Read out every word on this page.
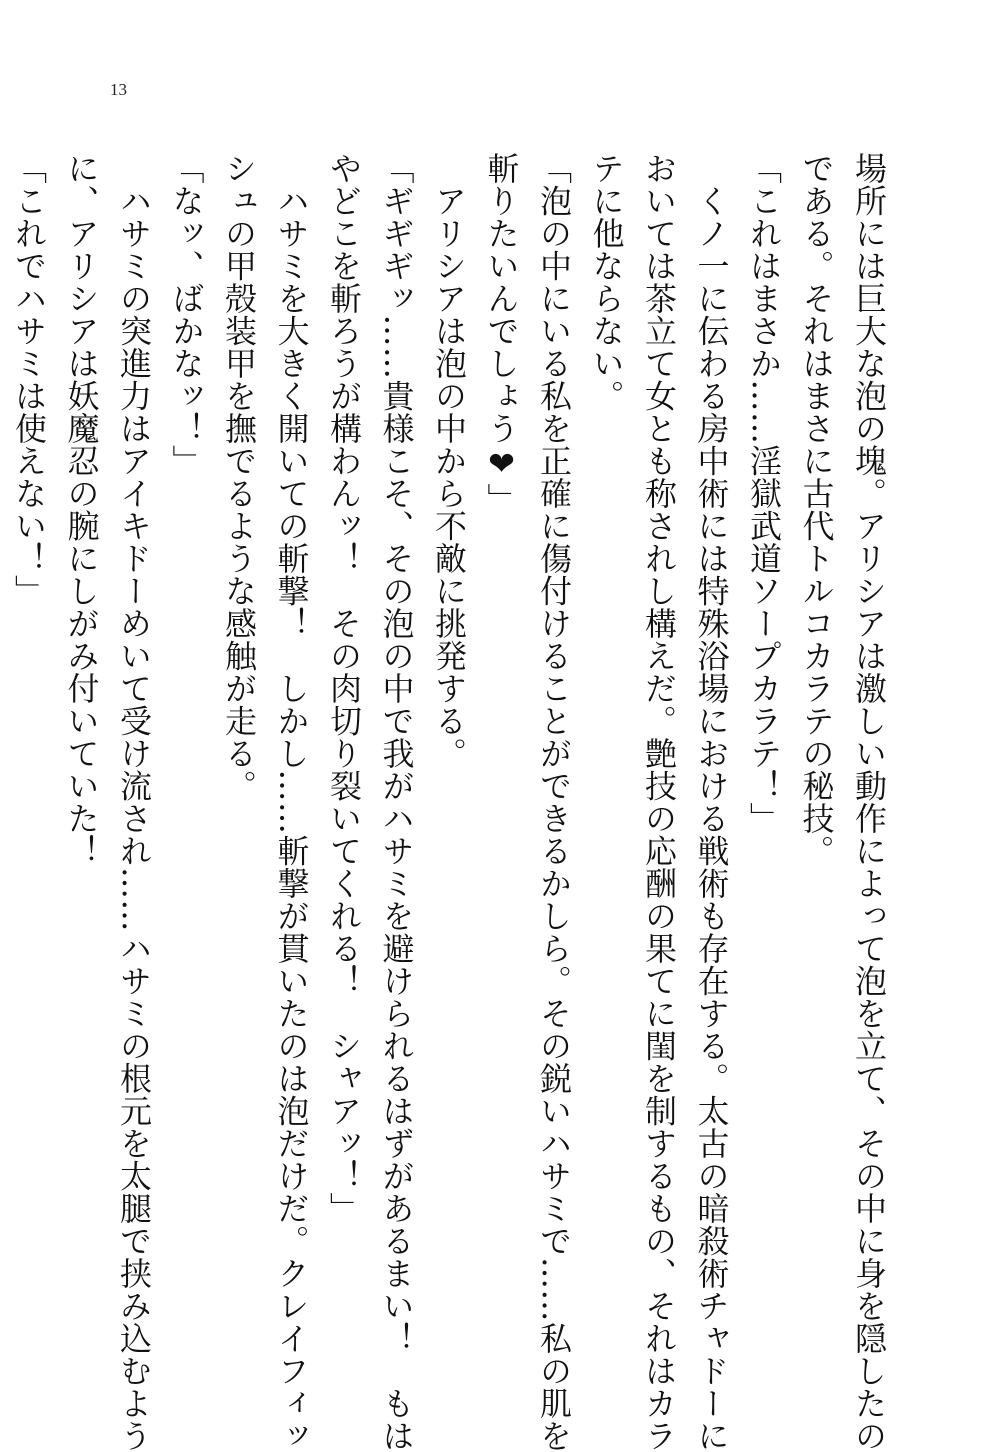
13
場所には巨大な泡の塊。アリシアは激しい動作によって泡を立て、その中に身を隠したの
である。それはまさに古代トルコカラテの秘技。
「これはまさか……淫獄武道ソープカラテ！」
　くノ一に伝わる房中術には特殊浴場における戦術も存在する。太古の暗殺術チャドーに
おいては茶立て女とも称されし構えだ。艶技の応酬の果てに閨を制するもの、それはカラ
テに他ならない。
「泡の中にいる私を正確に傷付けることができるかしら。その鋭いハサミで……私の肌を
斬りたいんでしょう❤」
　アリシアは泡の中から不敵に挑発する。
「ギギギッ……貴様こそ、その泡の中で我がハサミを避けられるはずがあるまい！　もは
やどこを斬ろうが構わんッ！　その肉切り裂いてくれる！　シャアッ！」
　ハサミを大きく開いての斬撃！　しかし……斬撃が貫いたのは泡だけだ。クレイフィッ
シュの甲殻装甲を撫でるような感触が走る。
「なッ、ばかなッ！」
　ハサミの突進力はアイキドーめいて受け流され……ハサミの根元を太腿で挟み込むよう
に、アリシアは妖魔忍の腕にしがみ付いていた！
「これでハサミは使えない！」
